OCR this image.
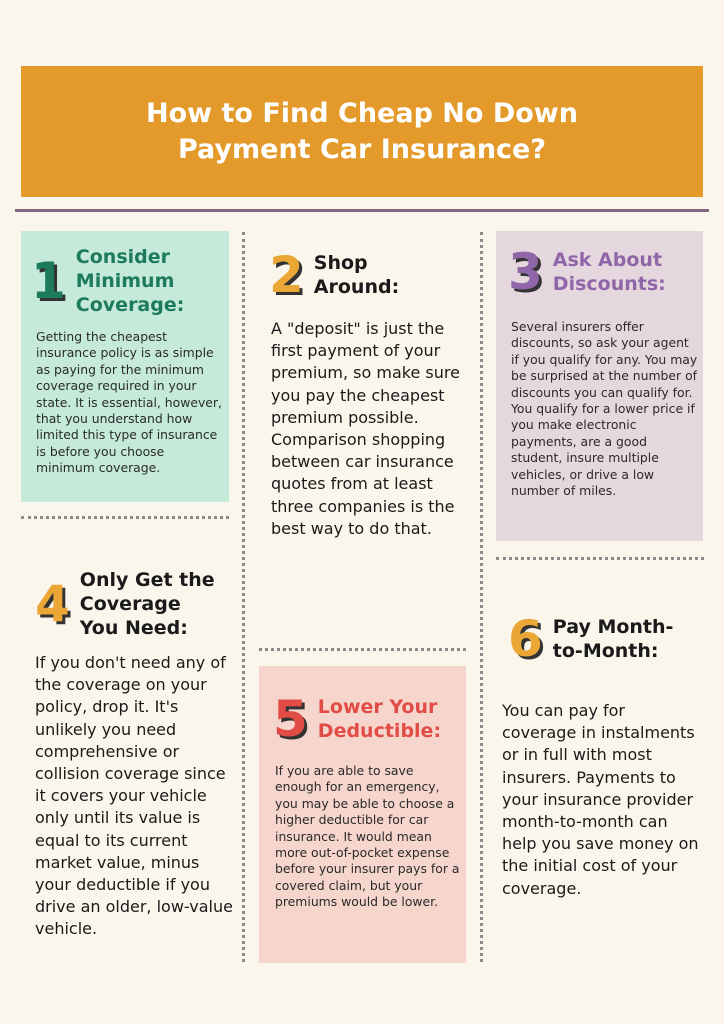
How to Find Cheap No Down Payment Car Insurance?
1 Consider Minimum Coverage:
Getting the cheapest insurance policy is as simple as paying for the minimum coverage required in your state. It is essential, however, that you understand how limited this type of insurance is before you choose minimum coverage.
2 Shop Around:
A "deposit" is just the first payment of your premium, so make sure you pay the cheapest premium possible. Comparison shopping between car insurance quotes from at least three companies is the best way to do that.
3 Ask About Discounts:
Several insurers offer discounts, so ask your agent if you qualify for any. You may be surprised at the number of discounts you can qualify for. You qualify for a lower price if you make electronic payments, are a good student, insure multiple vehicles, or drive a low number of miles.
4 Only Get the Coverage You Need:
If you don't need any of the coverage on your policy, drop it. It's unlikely you need comprehensive or collision coverage since it covers your vehicle only until its value is equal to its current market value, minus your deductible if you drive an older, low-value vehicle.
5 Lower Your Deductible:
If you are able to save enough for an emergency, you may be able to choose a higher deductible for car insurance. It would mean more out-of-pocket expense before your insurer pays for a covered claim, but your premiums would be lower.
6 Pay Month-to-Month:
You can pay for coverage in instalments or in full with most insurers. Payments to your insurance provider month-to-month can help you save money on the initial cost of your coverage.
